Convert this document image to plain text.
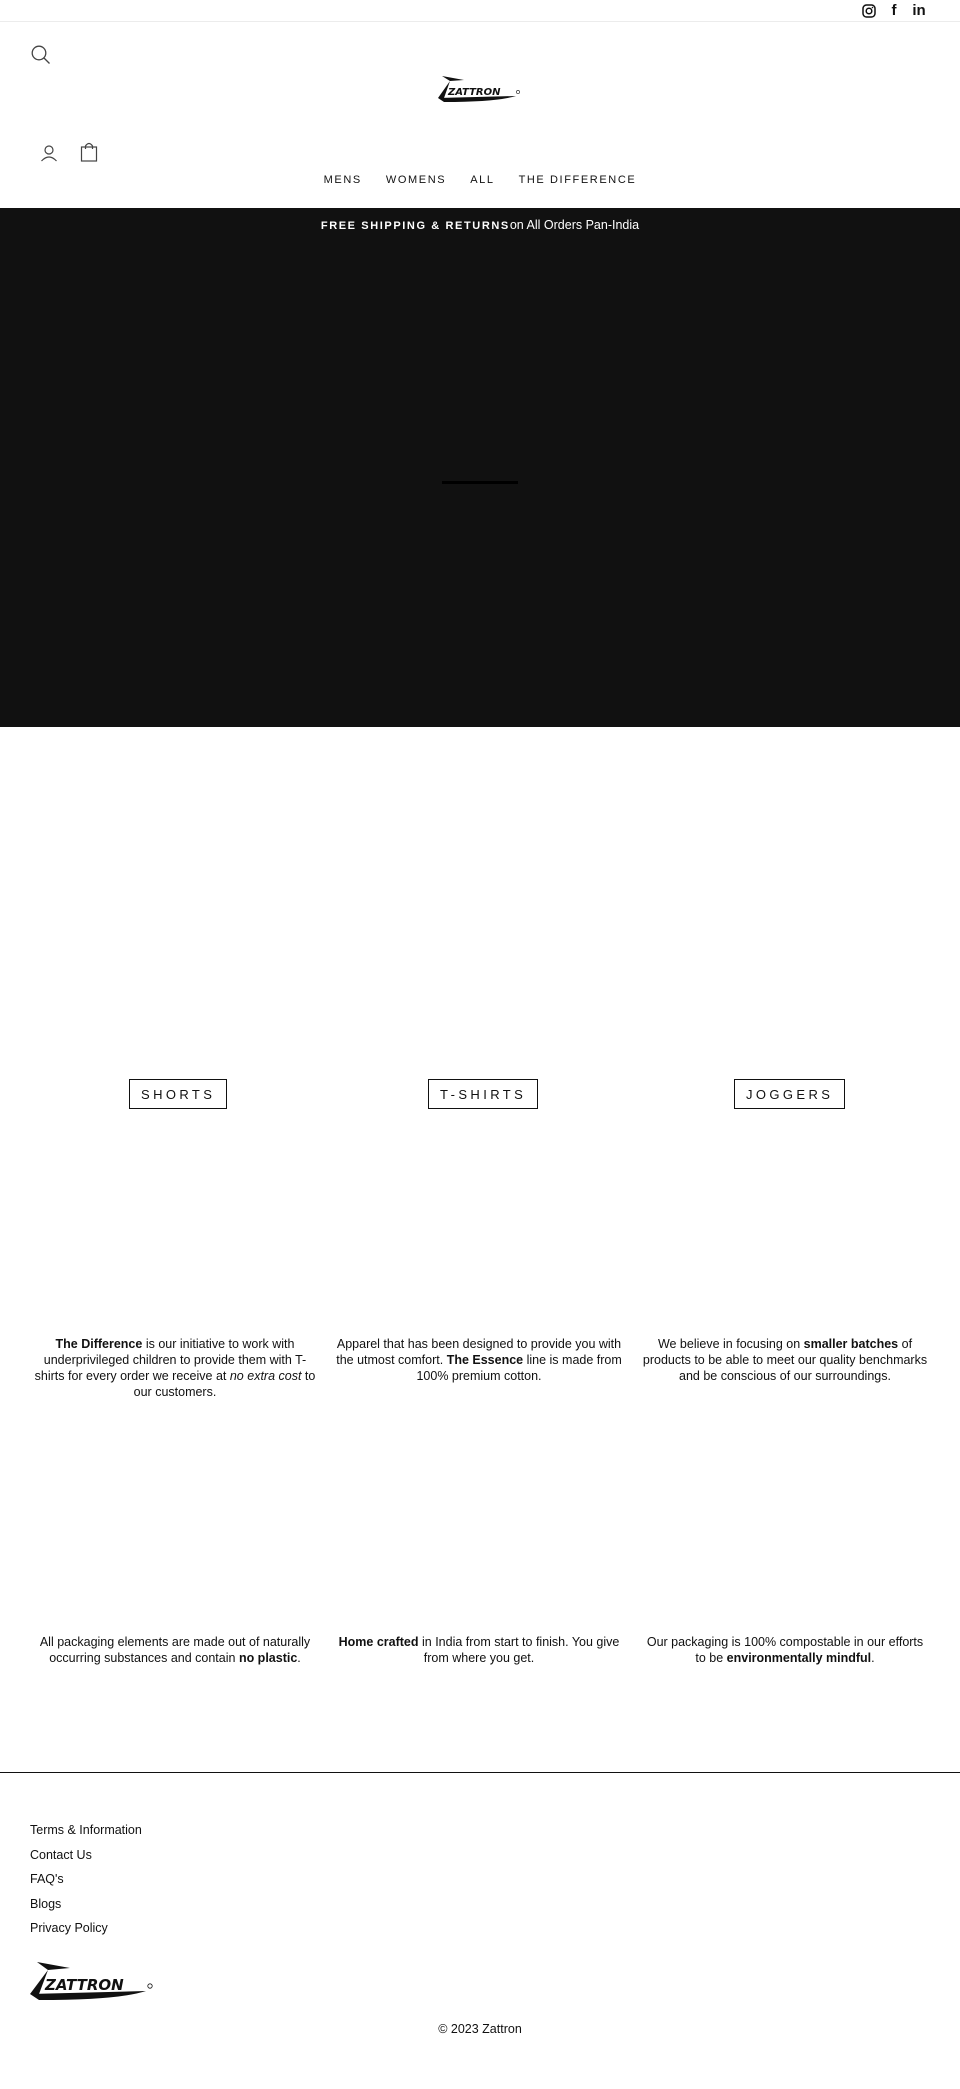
f	in
ZATTRON
MENS	WOMENS	ALL	THE DIFFERENCE
FREE SHIPPING & RETURNSon All Orders Pan-India
SHORTS	T-SHIRTS	JOGGERS
The Difference is our initiative to work with underprivileged children to provide them with T-shirts for every order we receive at no extra cost to our customers.
Apparel that has been designed to provide you with the utmost comfort. The Essence line is made from 100% premium cotton.
We believe in focusing on smaller batches of products to be able to meet our quality benchmarks and be conscious of our surroundings.
All packaging elements are made out of naturally occurring substances and contain no plastic.
Home crafted in India from start to finish. You give from where you get.
Our packaging is 100% compostable in our efforts to be environmentally mindful.
Terms & Information
Contact Us
FAQ's
Blogs
Privacy Policy
ZATTRON
© 2023 Zattron
